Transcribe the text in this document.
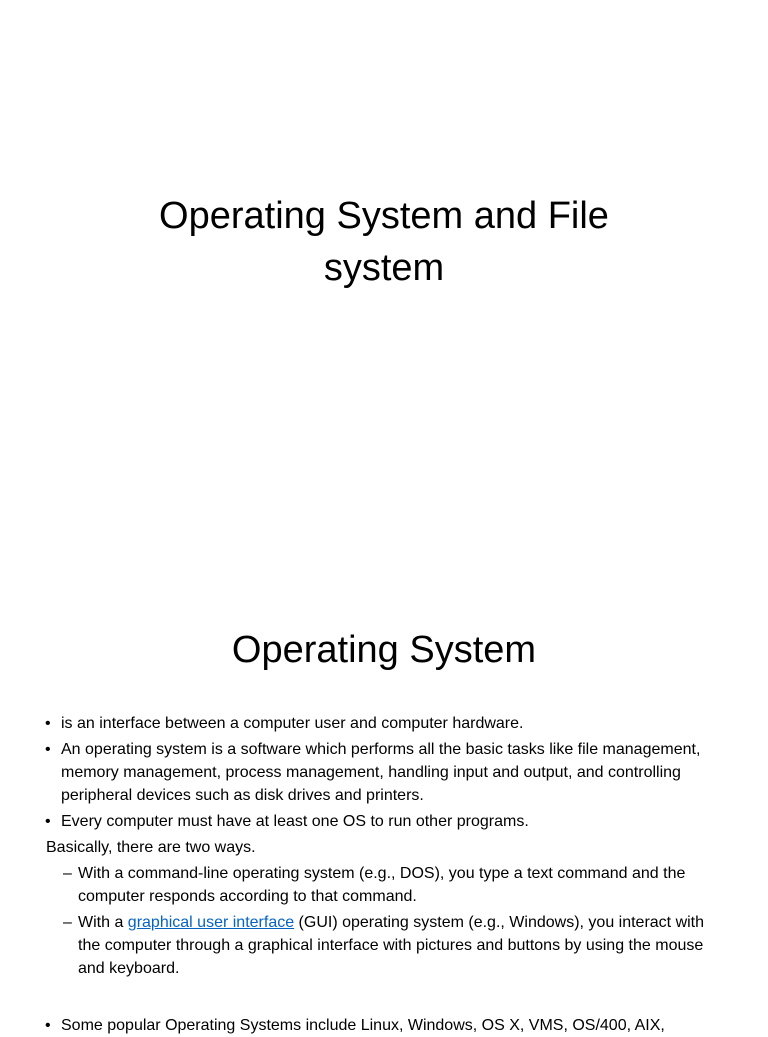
Operating System and File
system
Operating System

• is an interface between a computer user and computer hardware.

• An operating system is a software which performs all the basic tasks like file management, memory management, process management, handling input and output, and controlling peripheral devices such as disk drives and printers.

• Every computer must have at least one OS to run other programs.

Basically, there are two ways.

– With a command-line operating system (e.g., DOS), you type a text command and the computer responds according to that command.

– With a graphical user interface (GUI) operating system (e.g., Windows), you interact with the computer through a graphical interface with pictures and buttons by using the mouse and keyboard.

• Some popular Operating Systems include Linux, Windows, OS X, VMS, OS/400, AIX,
